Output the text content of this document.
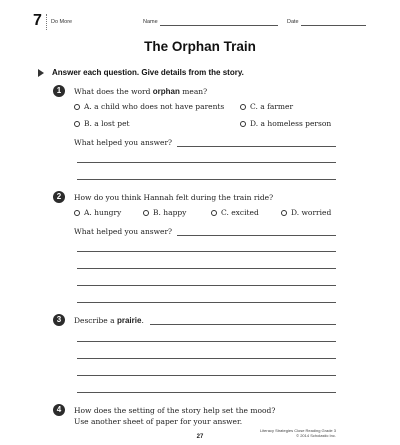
7 Do More	Name	Date
The Orphan Train
Answer each question. Give details from the story.
1	What does the word orphan mean?
A. a child who does not have parents	C. a farmer
B. a lost pet	D. a homeless person
What helped you answer?
2	How do you think Hannah felt during the train ride?
A. hungry	B. happy	C. excited	D. worried
What helped you answer?
3	Describe a prairie.
4	How does the setting of the story help set the mood?
Use another sheet of paper for your answer.
27
Literacy Strategies Close Reading Grade 3
© 2014 Scholastic Inc.
